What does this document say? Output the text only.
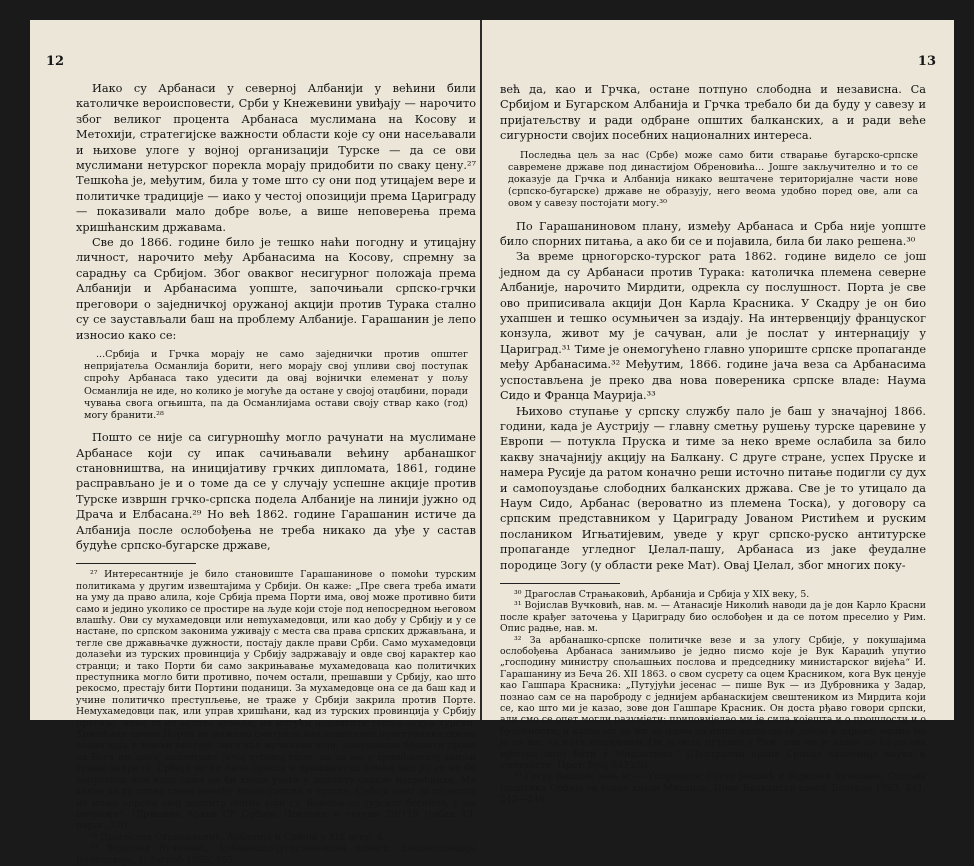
12

Иако су Арбанаси у северној Албанији у већини били католичке вероисповести, Срби у Кнежевини увиђају — нарочито због великог процента Арбанаса муслимана на Косову и Метохији, стратегијске важности области које су они насељавали и њихове улоге у војној организацији Турске — да се ови муслимани нетурског порекла морају придобити по сваку цену.²⁷ Тешкоћа је, међутим, била у томе што су они под утицајем вере и политичке традиције — иако у честој опозицији према Цариграду — показивали мало добре воље, а више неповерења према хришћанским државама.

Све до 1866. године било је тешко наћи погодну и утицајну личност, нарочито међу Арбанасима на Косову, спремну за сарадњу са Србијом. Због оваквог несигурног положаја према Албанији и Арбанасима уопште, започињали српско-грчки преговори о заједничкој оружаној акцији против Турака стално су се заустављали баш на проблему Албаније. Гарашанин је лепо износио како се:

...Србија и Грчка морају не само заједнички против општег непријатеља Османлија борити, него морају свој упливи свој поступак спроћу Арбанаса тако удесити да овај војнички елеменат у пољу Османлија не иде, но колико је могуће да остане у својој отаџбини, поради чувања свога огњишта, па да Османлијама остави своју ствар како (год) могу бранити.²⁸

Пошто се није са сигурношћу могло рачунати на муслимане Арбанасе који су ипак сачињавали већину арбанашког становништва, на иницијативу грчких дипломата, 1861, године расправљано је и о томе да се у случају успешне акције против Турске извршн грчко-српска подела Албаније на линији јужно од Драча и Елбасана.²⁹ Но већ 1862. године Гарашанин истиче да Албанија после ослобођења не треба никако да уђе у састав будуће српско-бугарске државе,

²⁷ Интересантније је било становиште Гарашанинове о помоћи турским политикама у другим извештајима у Србији. Он каже: „Пре свега треба имати на уму да право алила, које Србија према Порти има, овој може противно бити само и једино уколико се простире на људе који стоје под непосредном његовом влашћу. Ови су мухамедовци или неmухамедовци, или као добу у Србију и у се настане, по српском законима уживају с места сва права српских држављана, и теглe све државњачке дужности, постају дакле прави Срби. Само мухамедовци долазећи из турских провинција у Србију задржавају и овде свој карактер као странци; и тако Порти би само закрињавање мухамедоваца као политичких преступника могло бити противно, почем остали, прешавши у Србију, као што рекосмо, престају бити Портини поданици. За мухамедовце она се да баш кад и учине политичко преступљење, не траже у Србији закрила против Порте. Немухамедовци пак, или управ хришћани, кад из турских провинција у Србију прелазе, чине то из велике невоље, не могући поднисити тешки зулум турски. Хришћане према Порти не можемо сматрати као политичке преступнике према влади која у земљи постоји, него као мученике који, покушавши бранити права од Бога им дана, подлегоше јачој суровој сили, па од ње у хришћанској земљи траже закрила. Србија не би била српска и хришћанска земља кад јој се не би допустило или када сама не би хтела узети у заштиту овакве несрећнике. Ма какве да су тесне свезе између владе српске и турске, Србија опет за то нигда не може одрећи овај заштиту онима који су, бежећи од турског беснила, у ње потраже“. (Државни Архив СР Србије. Поклони и откупи 39/119 (габак 13, параг. XII).

²⁸ Драгослав Страњаковић, Арбанија и Србија у XIX веку, 4.

²⁹ Војислав Вучковић, Арбанашко-југословенски односи. Енциклопедија Југославије, 1. Загреб 1955, 157.

13

већ да, као и Грчка, остане потпуно слободна и независна. Са Србијом и Бугарском Албанија и Грчка требало би да буду у савезу и пријатељству и ради одбране општих балканских, а и ради веће сигурности својих посебних националних интереса.

Последња цељ за нас (Србе) може само бити стварање бугарско-српске савремене државе под династијом Обреновића... Јошге закључително и то се доказује да Грчка и Албанија никако вештачене територијалне части нове (српско-бугарске) државе не образују, него веома удобно поред ове, али са овом у савезу постојати могу.³⁰

По Гарашаниновом плану, између Арбанаса и Срба није уопште било спорних питања, а ако би се и појавила, била би лако решена.³⁰

За време црногорско-турског рата 1862. године видело се још једном да су Арбанаси против Турака: католичка племена северне Албаније, нарочито Мирдити, одрекла су послушност. Порта је све ово приписивала акцији Дон Карла Красника. У Скадру је он био ухапшен и тешко осумњичен за издају. На интервенцију француског конзула, живот му је сачуван, али је послат у интернацију у Цариград.³¹ Тиме је онемогућено главно упориште српске пропаганде међу Арбанасима.³² Међутим, 1866. године јача веза са Арбанасима успостављена је преко два нова повереника српске владе: Наума Сидо и Франца Маурија.³³

Њихово ступање у српску службу пало је баш у значајној 1866. години, када је Аустрију — главну сметњу рушењу турске царевине у Европи — потукла Пруска и тиме за неко време ослабила за било какву значајнију акцију на Балкану. С друге стране, успех Пруске и намера Русије да ратом коначно реши источно питање подигли су дух и самопоуздање слободних балканских држава. Све је то утицало да Наум Сидо, Арбанас (вероватно из племена Тоска), у договору са српским представником у Цариграду Јованом Ристићем и руским послаником Игњатијевим, уведе у круг српско-руско антитурске пропаганде угледног Џелал-пашу, Арбанаса из јаке феудалне породице Зогу (у области реке Мат). Овај Џелал, због многих поку-

³⁰ Драгослав Страњаковић, Арбанија и Србија у XIX веку, 5.

³¹ Војислав Вучковић, нав. м. — Атанасије Николић наводи да је дон Карло Красни после крађег заточења у Цариграду био ослобођен и да се потом преселио у Рим. Опис радње, нав. м.

³² За арбанашко-српске политичке везе и за улогу Србије, у покушајима ослобођења Арбанаса занимљиво је једно писмо које је Вук Караџић упутио „господину министру спољашњих послова и председнику министарског вијећа“ И. Гарашанину из Беча 26. XII 1863. о свом сусрету са оцем Красником, кога Вук ценује као Гашпара Красника: „Путујући јесенас — пише Вук — из Дубровника у Задар, познао сам се на пароброду с једнијем арбанаскијем свештеником из Мирдита који се, као што ми је казао, зове дон Гашпаре Красник. Он доста рђаво говори српски, али смо се опет могли разумјети; приповиједао ми је сила којешта и о прошлости и о будућности, и казао ми да ми за њима да пише казао да се добро и здраво, молио ме је да вас од њега поздравим. Он је онда путовао у Рим, али ми је казао да ће до два мјесеца опет бити у Мирдитима.“ (Централни архив Српске академије наука и уметности. Прот. број 8433/9).

³³ Гргур Јакшић, нав. м. — Упоредити: Гргур Јакшић и Војислав Вучковић, Спољна политика Србије за владе кнеза Михаила. Први Балкански савез. Београд 1963, 241, 242—246.
